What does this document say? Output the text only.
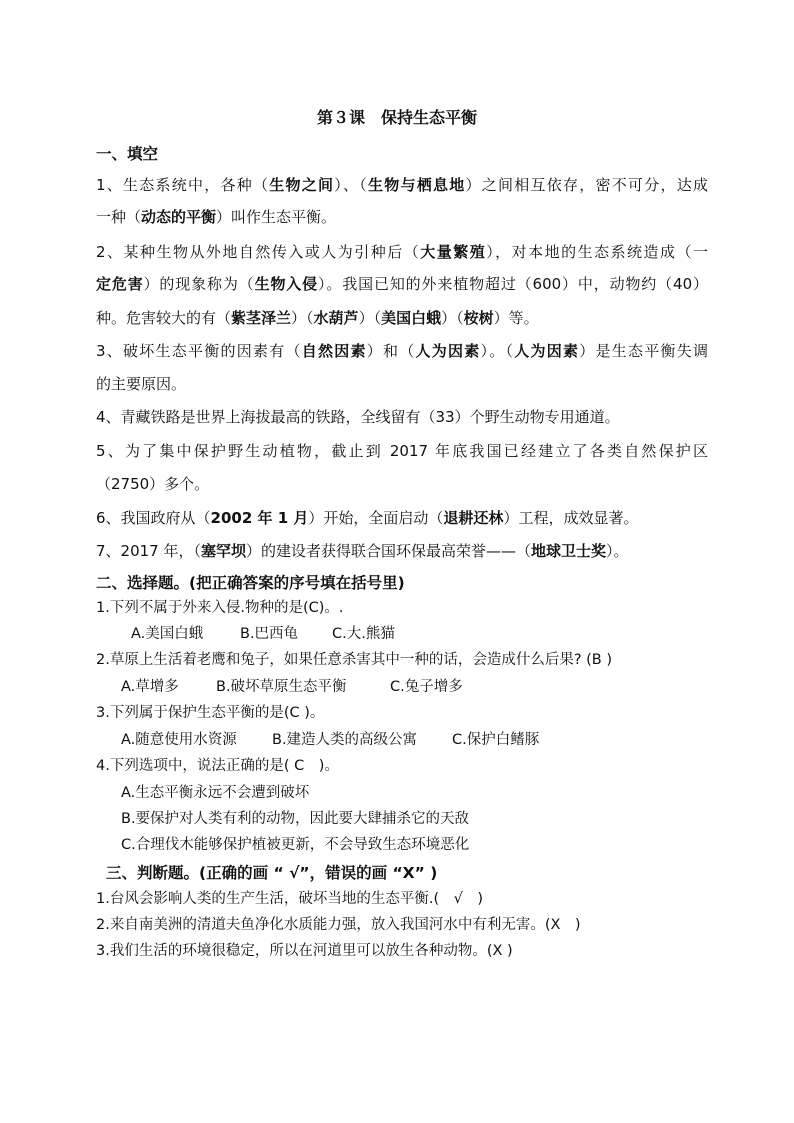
第３课　保持生态平衡
一、填空
1、生态系统中，各种（生物之间）、（生物与栖息地）之间相互依存，密不可分，达成
一种（动态的平衡）叫作生态平衡。
2、某种生物从外地自然传入或人为引种后（大量繁殖），对本地的生态系统造成（一
定危害）的现象称为（生物入侵）。我国已知的外来植物超过（600）中，动物约（40）
种。危害较大的有（紫茎泽兰）（水葫芦）（美国白蛾）（桉树）等。
3、破坏生态平衡的因素有（自然因素）和（人为因素）。（人为因素）是生态平衡失调
的主要原因。
4、青藏铁路是世界上海拔最高的铁路，全线留有（33）个野生动物专用通道。
5、为了集中保护野生动植物，截止到 2017 年底我国已经建立了各类自然保护区
（2750）多个。
6、我国政府从（2002 年 1 月）开始，全面启动（退耕还林）工程，成效显著。
7、2017 年，（塞罕坝）的建设者获得联合国环保最高荣誉——（地球卫士奖）。
二、选择题。(把正确答案的序号填在括号里)
1.下列不属于外来入侵.物种的是(C)。.
A.美国白蛾	B.巴西龟 C.大.熊猫
2.草原上生活着老鹰和兔子，如果任意杀害其中一种的话，会造成什么后果? (B )
A.草增多	B.破坏草原生态平衡	C.兔子增多
3.下列属于保护生态平衡的是(C )。
A.随意使用水资源 B.建造人类的高级公寓 C.保护白鳍豚
4.下列选项中，说法正确的是( C　)。
A.生态平衡永远不会遭到破坏
B.要保护对人类有利的动物，因此要大肆捕杀它的天敌
C.合理伐木能够保护植被更新，不会导致生态环境恶化
三、判断题。(正确的画 “ √”，错误的画 “X” )
1.台风会影响人类的生产生活，破坏当地的生态平衡.(　√　)
2.来自南美洲的清道夫鱼净化水质能力强，放入我国河水中有利无害。(X　)
3.我们生活的环境很稳定，所以在河道里可以放生各种动物。(X )
